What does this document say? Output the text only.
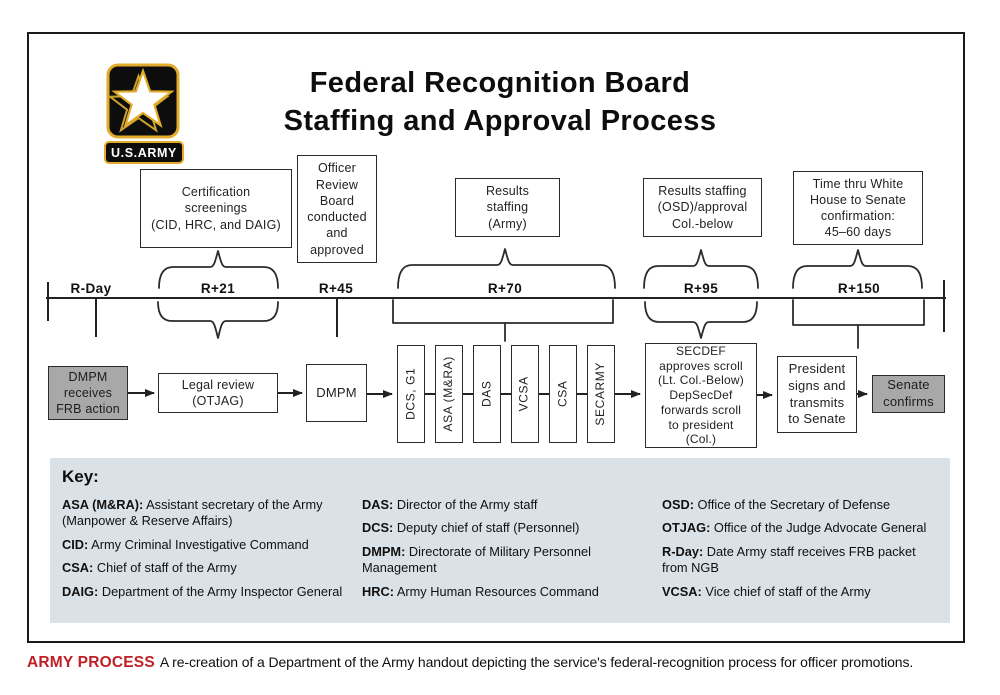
U.S.ARMY
Federal Recognition Board
Staffing and Approval Process
Certification
screenings
(CID, HRC, and DAIG)
Officer
Review
Board
conducted
and
approved
Results
staffing
(Army)
Results staffing
(OSD)/approval
Col.-below
Time thru White
House to Senate
confirmation:
45–60 days
R-Day	R+21	R+45	R+70	R+95	R+150
DMPM
receives
FRB action
Legal review
(OTJAG)
DMPM	DCS, G1 ASA (M&RA) DAS VCSA CSA SECARMY
SECDEF
approves scroll
(Lt. Col.-Below)
DepSecDef
forwards scroll
to president
(Col.)
President
signs and
transmits
to Senate
Senate
confirms
Key:
ASA (M&RA): Assistant secretary of the Army (Manpower & Reserve Affairs)
CID: Army Criminal Investigative Command
CSA: Chief of staff of the Army
DAIG: Department of the Army Inspector General
DAS: Director of the Army staff
DCS: Deputy chief of staff (Personnel)
DMPM: Directorate of Military Personnel Management
HRC: Army Human Resources Command
OSD: Office of the Secretary of Defense
OTJAG: Office of the Judge Advocate General
R-Day: Date Army staff receives FRB packet from NGB
VCSA: Vice chief of staff of the Army
ARMY PROCESS A re-creation of a Department of the Army handout depicting the service's federal-recognition process for officer promotions.
